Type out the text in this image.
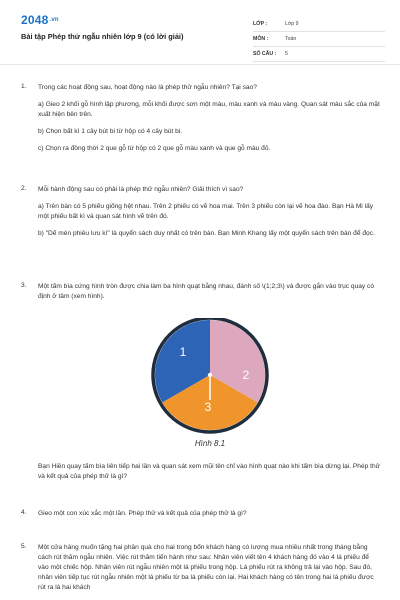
$2048^{.vn}$
Bài tập Phép thử ngẫu nhiên lớp 9 (có lời giải)
LỚP :	Lớp 9
MÔN :	Toán
SỐ CÂU :	5
1. Trong các hoạt động sau, hoạt động nào là phép thử ngẫu nhiên? Tại sao?

a) Gieo 2 khối gỗ hình lập phương, mỗi khối được sơn một màu, màu xanh và màu vàng. Quan sát màu sắc của mặt xuất hiện bên trên.

b) Chọn bất kì 1 cây bút bi từ hộp có 4 cây bút bi.

c) Chọn ra đồng thời 2 que gỗ từ hộp có 2 que gỗ màu xanh và que gỗ màu đỏ.

2. Mỗi hành động sau có phải là phép thử ngẫu nhiên? Giải thích vì sao?

a) Trên bàn có 5 phiếu giống hệt nhau. Trên 2 phiếu có vẽ hoa mai. Trên 3 phiếu còn lại vẽ hoa đào. Bạn Hà Mi lấy một phiếu bất kì và quan sát hình vẽ trên đó.

b) "Dế mèn phiêu lưu kí" là quyển sách duy nhất có trên bàn. Bạn Minh Khang lấy một quyển sách trên bàn để đọc.

3. Một tấm bìa cứng hình tròn được chia làm ba hình quạt bằng nhau, đánh số \(1;2;3\) và được gắn vào trục quay có định ở tâm (xem hình).

1
2
3
Hình 8.1

Bạn Hiền quay tấm bìa liên tiếp hai lần và quan sát xem mũi tên chỉ vào hình quạt nào khi tấm bìa dừng lại. Phép thử và kết quả của phép thử là gì?

4. Gieo một con xúc xắc một lần. Phép thử và kết quả của phép thử là gì?

5. Một cửa hàng muốn tặng hai phần quà cho hai trong bốn khách hàng có lượng mua nhiều nhất trong tháng bằng cách rút thăm ngẫu nhiên. Việc rút thăm tiến hành như sau: Nhân viên viết tên 4 khách hàng đó vào 4 lá phiếu để vào một chiếc hộp. Nhân viên rút ngẫu nhiên một lá phiếu trong hộp. Lá phiếu rút ra không trả lại vào hộp. Sau đó, nhân viên tiếp tục rút ngẫu nhiên một lá phiếu từ ba lá phiếu còn lại. Hai khách hàng có tên trong hai lá phiếu được rút ra là hai khách
